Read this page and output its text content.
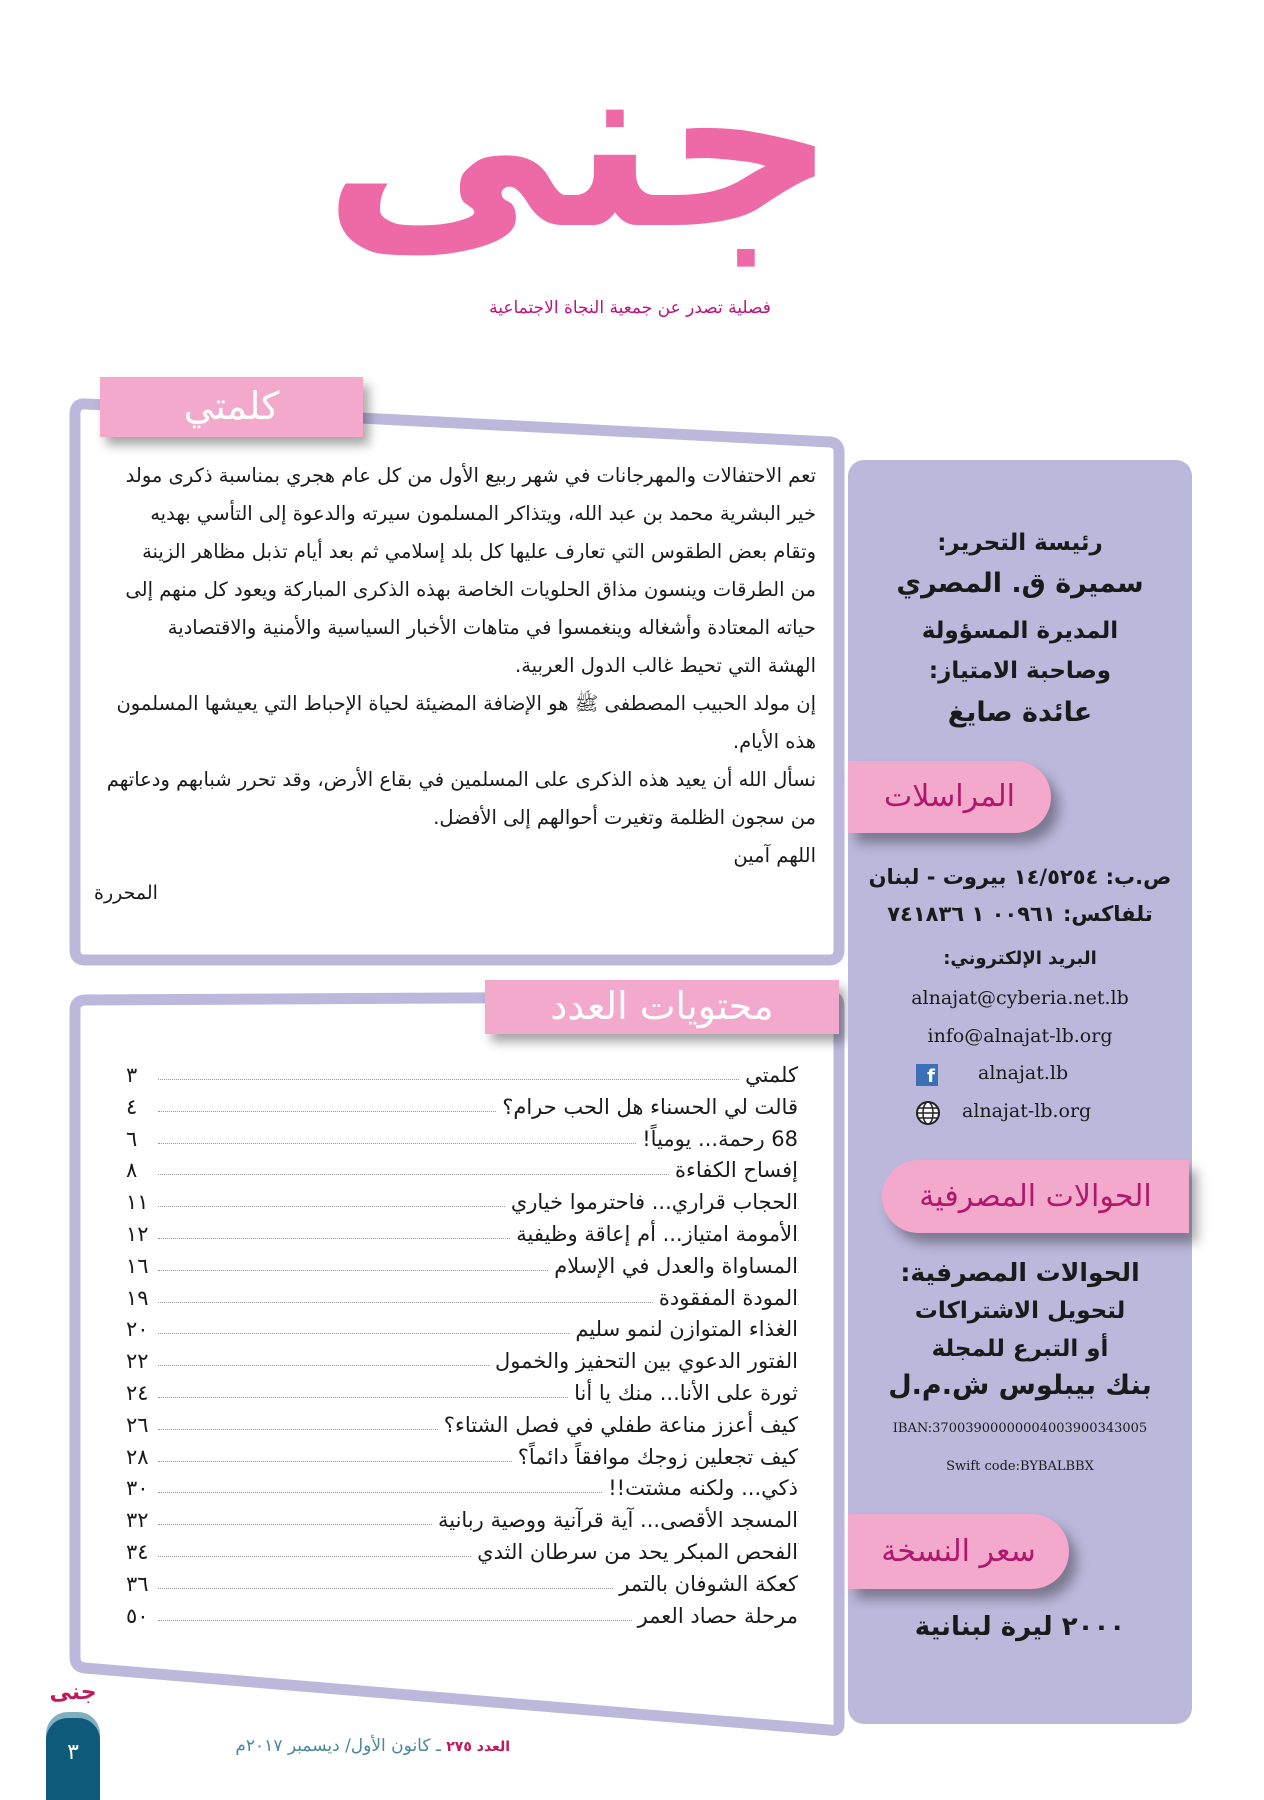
جنى
فصلية تصدر عن جمعية النجاة الاجتماعية
كلمتي
تعم الاحتفالات والمهرجانات في شهر ربيع الأول من كل عام هجري بمناسبة ذكرى مولد
خير البشرية محمد بن عبد الله، ويتذاكر المسلمون سيرته والدعوة إلى التأسي بهديه
وتقام بعض الطقوس التي تعارف عليها كل بلد إسلامي ثم بعد أيام تذبل مظاهر الزينة
من الطرقات وينسون مذاق الحلويات الخاصة بهذه الذكرى المباركة ويعود كل منهم إلى
حياته المعتادة وأشغاله وينغمسوا في متاهات الأخبار السياسية والأمنية والاقتصادية
الهشة التي تحيط غالب الدول العربية.
إن مولد الحبيب المصطفى ﷺ هو الإضافة المضيئة لحياة الإحباط التي يعيشها المسلمون
هذه الأيام.
نسأل الله أن يعيد هذه الذكرى على المسلمين في بقاع الأرض، وقد تحرر شبابهم ودعاتهم
من سجون الظلمة وتغيرت أحوالهم إلى الأفضل.
اللهم آمين
المحررة
محتويات العدد
كلمتي
٣
قالت لي الحسناء هل الحب حرام؟
٤
68 رحمة... يومياً!
٦
إفساح الكفاءة
٨
الحجاب قراري... فاحترموا خياري
١١
الأمومة امتياز... أم إعاقة وظيفية
١٢
المساواة والعدل في الإسلام
١٦
المودة المفقودة
١٩
الغذاء المتوازن لنمو سليم
٢٠
الفتور الدعوي بين التحفيز والخمول
٢٢
ثورة على الأنا... منك يا أنا
٢٤
كيف أعزز مناعة طفلي في فصل الشتاء؟
٢٦
كيف تجعلين زوجك موافقاً دائماً؟
٢٨
ذكي... ولكنه مشتت!!
٣٠
المسجد الأقصى... آية قرآنية ووصية ربانية
٣٢
الفحص المبكر يحد من سرطان الثدي
٣٤
كعكة الشوفان بالتمر
٣٦
مرحلة حصاد العمر
٥٠
رئيسة التحرير:
سميرة ق. المصري
المديرة المسؤولة
وصاحبة الامتياز:
عائدة صايغ
المراسلات
ص.ب: ١٤/٥٢٥٤ بيروت - لبنان
تلفاكس: ٠٠٩٦١ ١ ٧٤١٨٣٦
البريد الإلكتروني:
alnajat@cyberia.net.lb
info@alnajat-lb.org
f alnajat.lb
alnajat-lb.org
الحوالات المصرفية
الحوالات المصرفية:
لتحويل الاشتراكات
أو التبرع للمجلة
بنك بيبلوس ش.م.ل
IBAN:37003900000004003900343005
Swift code:BYBALBBX
سعر النسخة
٢٠٠٠ ليرة لبنانية
جنى
٣	العدد ٢٧٥ ـ كانون الأول/ ديسمبر ٢٠١٧م
